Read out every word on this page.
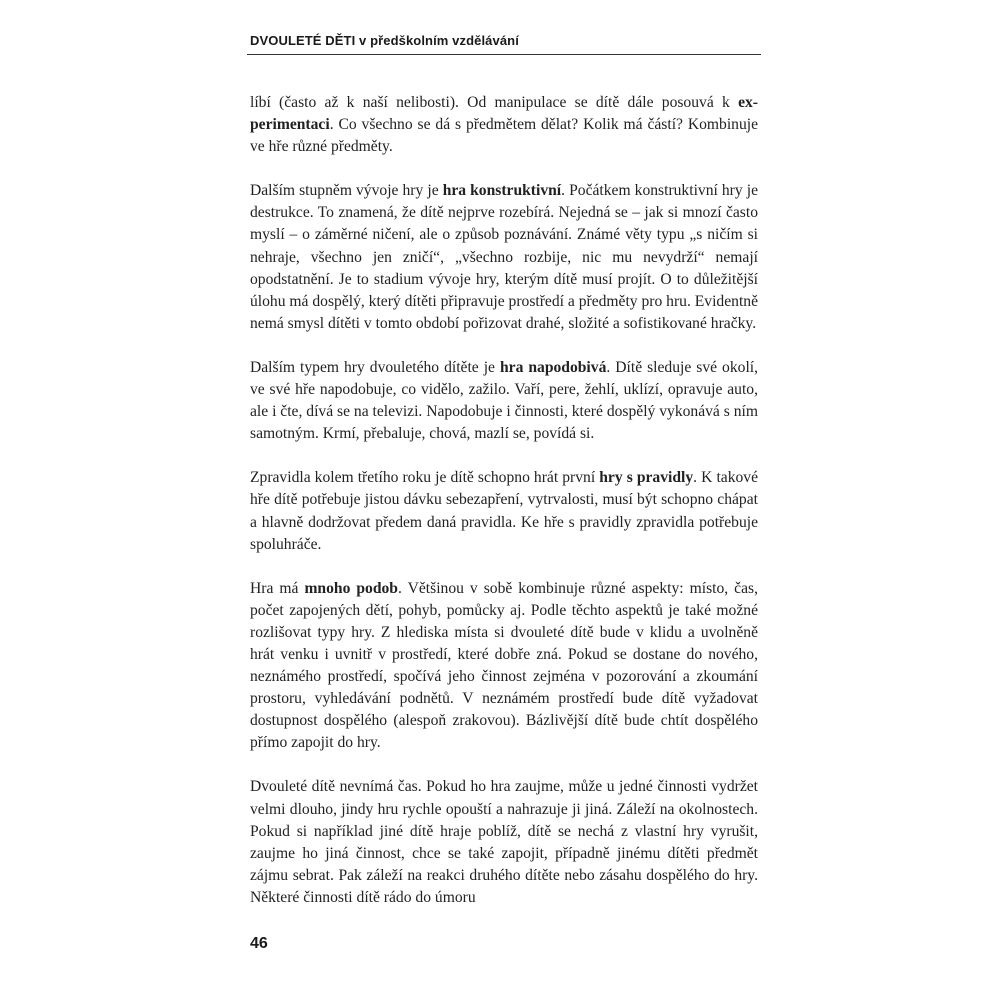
DVOULETÉ DĚTI v předškolním vzdělávání

líbí (často až k naší nelibosti). Od manipulace se dítě dále posouvá k experimentaci. Co všechno se dá s předmětem dělat? Kolik má částí? Kombinuje ve hře různé předměty.

Dalším stupněm vývoje hry je hra konstruktivní. Počátkem konstruktivní hry je destrukce. To znamená, že dítě nejprve rozebírá. Nejedná se – jak si mnozí často myslí – o záměrné ničení, ale o způsob poznávání. Známé věty typu „s ničím si nehraje, všechno jen zničí“, „všechno rozbije, nic mu nevydrží“ nemají opodstatnění. Je to stadium vývoje hry, kterým dítě musí projít. O to důležitější úlohu má dospělý, který dítěti připravuje prostředí a předměty pro hru. Evidentně nemá smysl dítěti v tomto období pořizovat drahé, složité a sofistikované hračky.

Dalším typem hry dvouletého dítěte je hra napodobivá. Dítě sleduje své okolí, ve své hře napodobuje, co vidělo, zažilo. Vaří, pere, žehlí, uklízí, opravuje auto, ale i čte, dívá se na televizi. Napodobuje i činnosti, které dospělý vykonává s ním samotným. Krmí, přebaluje, chová, mazlí se, povídá si.

Zpravidla kolem třetího roku je dítě schopno hrát první hry s pravidly. K takové hře dítě potřebuje jistou dávku sebezapření, vytrvalosti, musí být schopno chápat a hlavně dodržovat předem daná pravidla. Ke hře s pravidly zpravidla potřebuje spoluhráče.

Hra má mnoho podob. Většinou v sobě kombinuje různé aspekty: místo, čas, počet zapojených dětí, pohyb, pomůcky aj. Podle těchto aspektů je také možné rozlišovat typy hry. Z hlediska místa si dvouleté dítě bude v klidu a uvolněně hrát venku i uvnitř v prostředí, které dobře zná. Pokud se dostane do nového, neznámého prostředí, spočívá jeho činnost zejména v pozorování a zkoumání prostoru, vyhledávání podnětů. V neznámém prostředí bude dítě vyžadovat dostupnost dospělého (alespoň zrakovou). Bázlivější dítě bude chtít dospělého přímo zapojit do hry.

Dvouleté dítě nevnímá čas. Pokud ho hra zaujme, může u jedné činnosti vydržet velmi dlouho, jindy hru rychle opouští a nahrazuje ji jiná. Záleží na okolnostech. Pokud si například jiné dítě hraje poblíž, dítě se nechá z vlastní hry vyrušit, zaujme ho jiná činnost, chce se také zapojit, případně jinému dítěti předmět zájmu sebrat. Pak záleží na reakci druhého dítěte nebo zásahu dospělého do hry. Některé činnosti dítě rádo do úmoru

46
